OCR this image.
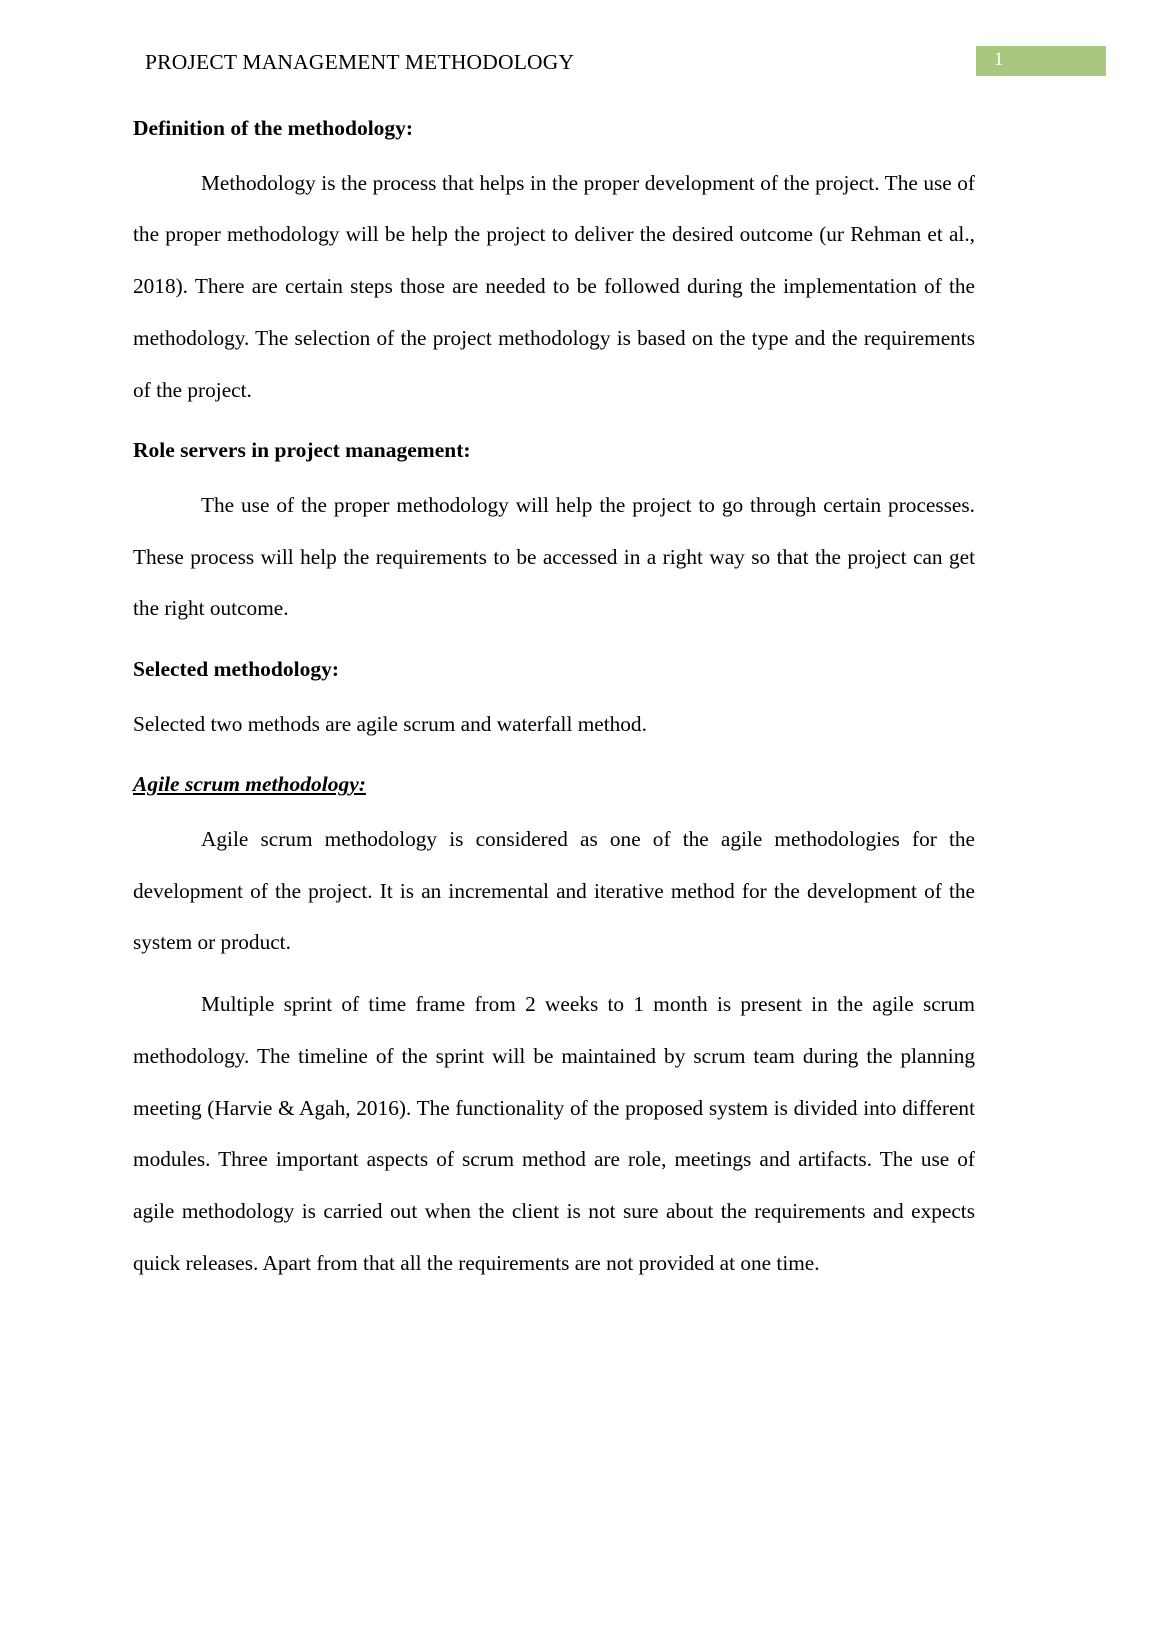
PROJECT MANAGEMENT METHODOLOGY	1
Definition of the methodology:

Methodology is the process that helps in the proper development of the project. The use of the proper methodology will be help the project to deliver the desired outcome (ur Rehman et al., 2018). There are certain steps those are needed to be followed during the implementation of the methodology. The selection of the project methodology is based on the type and the requirements of the project.

Role servers in project management:

The use of the proper methodology will help the project to go through certain processes. These process will help the requirements to be accessed in a right way so that the project can get the right outcome.

Selected methodology:

Selected two methods are agile scrum and waterfall method.

Agile scrum methodology:

Agile scrum methodology is considered as one of the agile methodologies for the development of the project. It is an incremental and iterative method for the development of the system or product.

Multiple sprint of time frame from 2 weeks to 1 month is present in the agile scrum methodology. The timeline of the sprint will be maintained by scrum team during the planning meeting (Harvie & Agah, 2016). The functionality of the proposed system is divided into different modules. Three important aspects of scrum method are role, meetings and artifacts. The use of agile methodology is carried out when the client is not sure about the requirements and expects quick releases. Apart from that all the requirements are not provided at one time.
